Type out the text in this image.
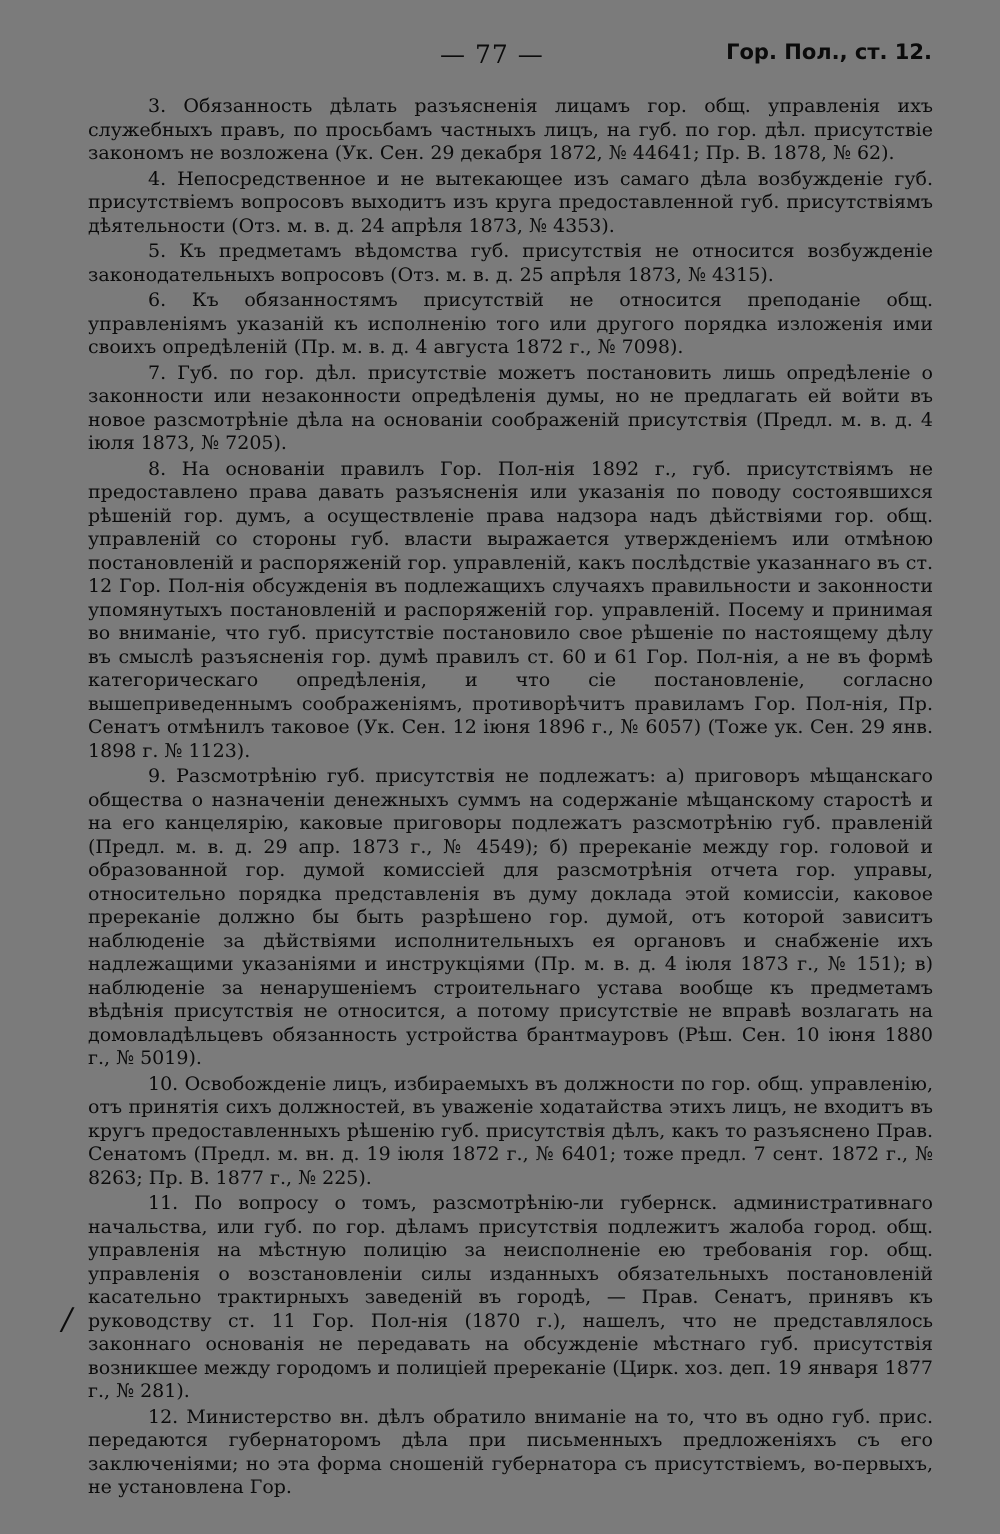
— 77 —	Гор. Пол., ст. 12.

3. Обязанность дѣлать разъясненія лицамъ гор. общ. управленія ихъ служебныхъ правъ, по просьбамъ частныхъ лицъ, на губ. по гор. дѣл. присутствіе закономъ не возложена (Ук. Сен. 29 декабря 1872, № 44641; Пр. В. 1878, № 62).

4. Непосредственное и не вытекающее изъ самаго дѣла возбужденіе губ. присутствіемъ вопросовъ выходитъ изъ круга предоставленной губ. присутствіямъ дѣятельности (Отз. м. в. д. 24 апрѣля 1873, № 4353).

5. Къ предметамъ вѣдомства губ. присутствія не относится возбужденіе законодательныхъ вопросовъ (Отз. м. в. д. 25 апрѣля 1873, № 4315).

6. Къ обязанностямъ присутствій не относится преподаніе общ. управленіямъ указаній къ исполненію того или другого порядка изложенія ими своихъ опредѣленій (Пр. м. в. д. 4 августа 1872 г., № 7098).

7. Губ. по гор. дѣл. присутствіе можетъ постановить лишь опредѣленіе о законности или незаконности опредѣленія думы, но не предлагать ей войти въ новое разсмотрѣніе дѣла на основаніи соображеній присутствія (Предл. м. в. д. 4 іюля 1873, № 7205).

8. На основаніи правилъ Гор. Пол-нія 1892 г., губ. присутствіямъ не предоставлено права давать разъясненія или указанія по поводу состоявшихся рѣшеній гор. думъ, а осуществленіе права надзора надъ дѣйствіями гор. общ. управленій со стороны губ. власти выражается утвержденіемъ или отмѣною постановленій и распоряженій гор. управленій, какъ послѣдствіе указаннаго въ ст. 12 Гор. Пол-нія обсужденія въ подлежащихъ случаяхъ правильности и законности упомянутыхъ постановленій и распоряженій гор. управленій. Посему и принимая во вниманіе, что губ. присутствіе постановило свое рѣшеніе по настоящему дѣлу въ смыслѣ разъясненія гор. думѣ правилъ ст. 60 и 61 Гор. Пол-нія, а не въ формѣ категорическаго опредѣленія, и что сіе постановленіе, согласно вышеприведеннымъ соображеніямъ, противорѣчитъ правиламъ Гор. Пол-нія, Пр. Сенатъ отмѣнилъ таковое (Ук. Сен. 12 іюня 1896 г., № 6057) (Тоже ук. Сен. 29 янв. 1898 г. № 1123).

9. Разсмотрѣнію губ. присутствія не подлежатъ: а) приговоръ мѣщанскаго общества о назначеніи денежныхъ суммъ на содержаніе мѣщанскому старостѣ и на его канцелярію, каковые приговоры подлежатъ разсмотрѣнію губ. правленій (Предл. м. в. д. 29 апр. 1873 г., № 4549); б) пререканіе между гор. головой и образованной гор. думой комиссіей для разсмотрѣнія отчета гор. управы, относительно порядка представленія въ думу доклада этой комиссіи, каковое пререканіе должно бы быть разрѣшено гор. думой, отъ которой зависитъ наблюденіе за дѣйствіями исполнительныхъ ея органовъ и снабженіе ихъ надлежащими указаніями и инструкціями (Пр. м. в. д. 4 іюля 1873 г., № 151); в) наблюденіе за ненарушеніемъ строительнаго устава вообще къ предметамъ вѣдѣнія присутствія не относится, а потому присутствіе не вправѣ возлагать на домовладѣльцевъ обязанность устройства брантмауровъ (Рѣш. Сен. 10 іюня 1880 г., № 5019).

10. Освобожденіе лицъ, избираемыхъ въ должности по гор. общ. управленію, отъ принятія сихъ должностей, въ уваженіе ходатайства этихъ лицъ, не входитъ въ кругъ предоставленныхъ рѣшенію губ. присутствія дѣлъ, какъ то разъяснено Прав. Сенатомъ (Предл. м. вн. д. 19 іюля 1872 г., № 6401; тоже предл. 7 сент. 1872 г., № 8263; Пр. В. 1877 г., № 225).

11. По вопросу о томъ, разсмотрѣнію-ли губернск. административнаго начальства, или губ. по гор. дѣламъ присутствія подлежитъ жалоба город. общ. управленія на мѣстную полицію за неисполненіе ею требованія гор. общ. управленія о возстановленіи силы изданныхъ обязательныхъ постановленій касательно трактирныхъ заведеній въ городѣ, — Прав. Сенатъ, принявъ къ руководству ст. 11 Гор. Пол-нія (1870 г.), нашелъ, что не представлялось законнаго основанія не передавать на обсужденіе мѣстнаго губ. присутствія возникшее между городомъ и полиціей пререканіе (Цирк. хоз. деп. 19 января 1877 г., № 281).

12. Министерство вн. дѣлъ обратило вниманіе на то, что въ одно губ. прис. передаются губернаторомъ дѣла при письменныхъ предложеніяхъ съ его заключеніями; но эта форма сношеній губернатора съ присутствіемъ, во-первыхъ, не установлена Гор.

/
